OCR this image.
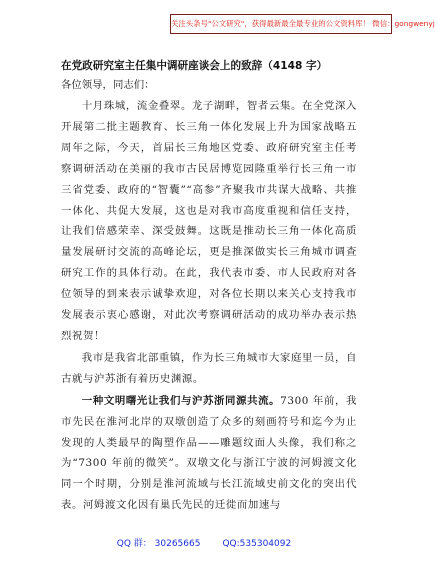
关注头条号"公文研究"，获得最新最全最专业的公文资料库！ 微信：gongwenyj
在党政研究室主任集中调研座谈会上的致辞（4148 字）
各位领导，同志们：

十月珠城，流金叠翠。龙子湖畔，智者云集。在全党深入开展第二批主题教育、长三角一体化发展上升为国家战略五周年之际，今天，首届长三角地区党委、政府研究室主任考察调研活动在美丽的我市古民居博览园隆重举行长三角一市三省党委、政府的“智囊”“高参”齐聚我市共谋大战略、共推一体化、共促大发展，这也是对我市高度重视和信任支持，让我们倍感荣幸、深受鼓舞。这既是推动长三角一体化高质量发展研讨交流的高峰论坛，更是推深做实长三角城市调查研究工作的具体行动。在此，我代表市委、市人民政府对各位领导的到来表示诚挚欢迎，对各位长期以来关心支持我市发展表示衷心感谢，对此次考察调研活动的成功举办表示热烈祝贺！

我市是我省北部重镇，作为长三角城市大家庭里一员，自古就与沪苏浙有着历史渊源。

一种文明曙光让我们与沪苏浙同源共流。7300 年前，我市先民在淮河北岸的双墩创造了众多的刻画符号和迄今为止发现的人类最早的陶塑作品——雕题纹面人头像，我们称之为“7300 年前的微笑”。双墩文化与浙江宁波的河姆渡文化同一个时期，分别是淮河流域与长江流域史前文化的突出代表。河姆渡文化因有巢氏先民的迁徙而加速与

QQ 群： 30265665 QQ:535304092
